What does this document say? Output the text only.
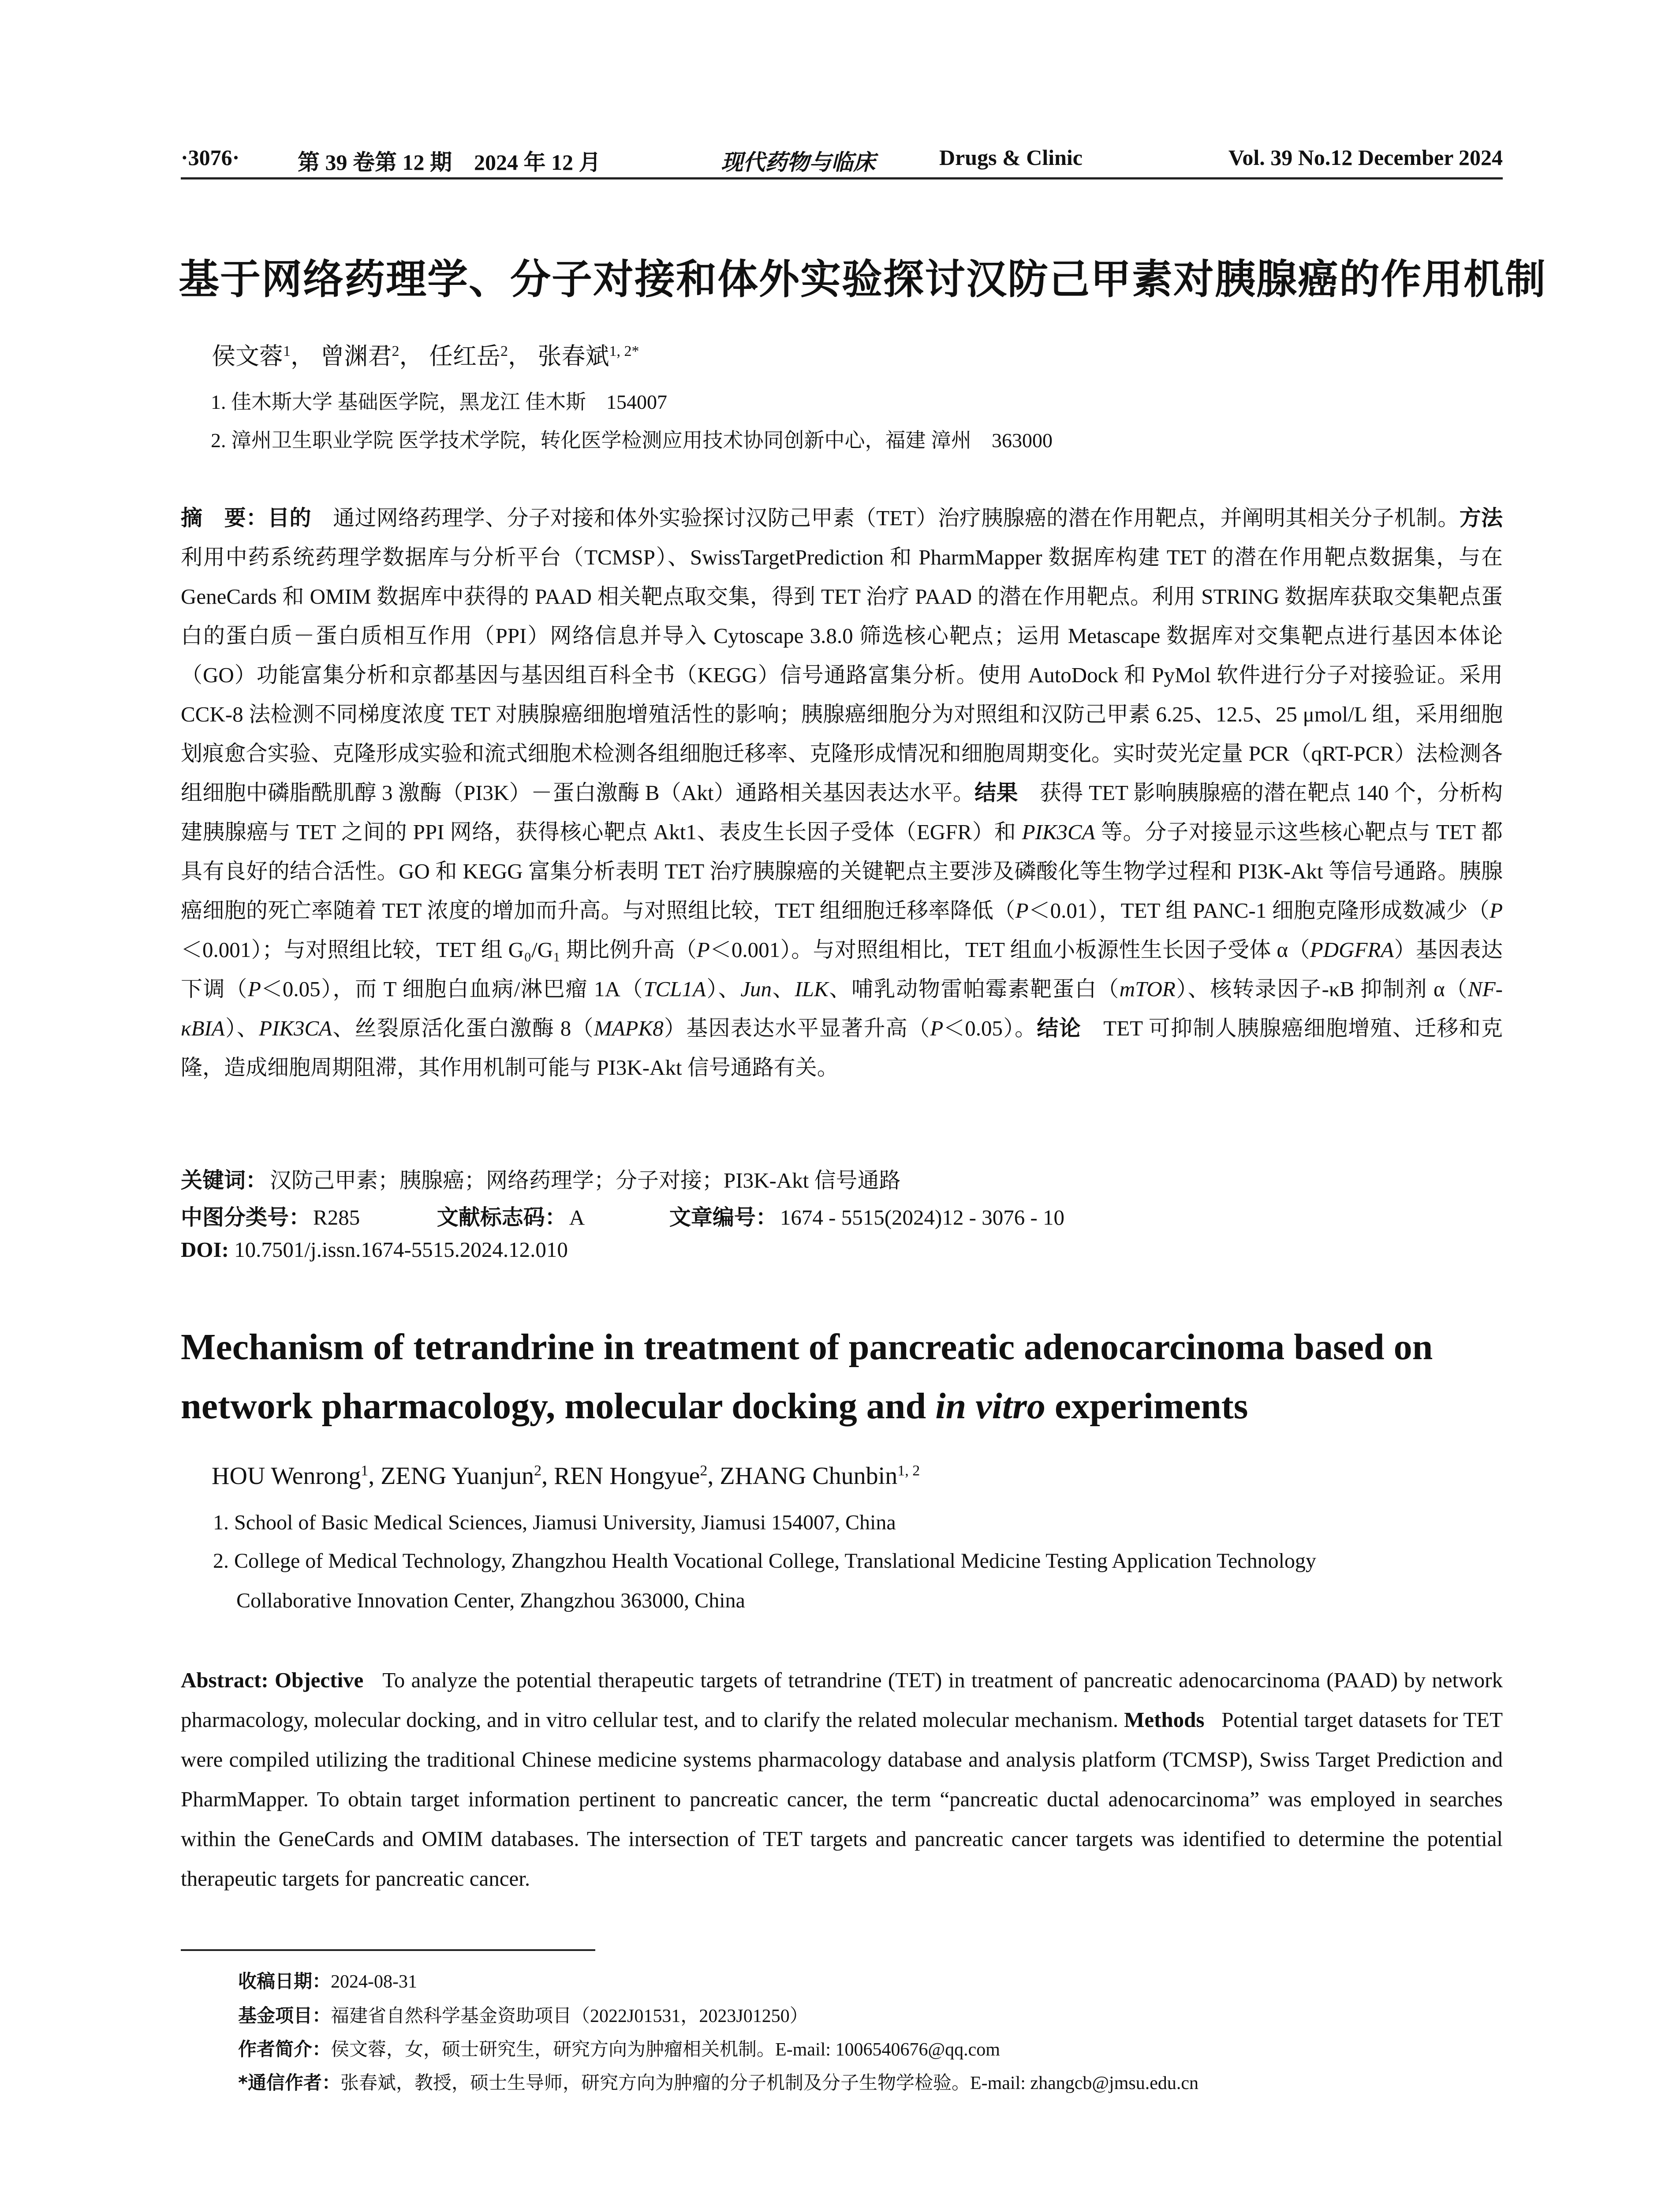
·3076·	第 39 卷第 12 期　2024 年 12 月	现代药物与临床	Drugs & Clinic	Vol. 39 No.12 December 2024
基于网络药理学、分子对接和体外实验探讨汉防己甲素对胰腺癌的作用机制
侯文蓉$^1$， 曾渊君$^2$， 任红岳$^2$， 张春斌$^{1, 2*}$
1. 佳木斯大学 基础医学院，黑龙江 佳木斯　154007
2. 漳州卫生职业学院 医学技术学院，转化医学检测应用技术协同创新中心，福建 漳州　363000
摘　要：目的　 通过网络药理学、分子对接和体外实验探讨汉防己甲素（TET）治疗胰腺癌的潜在作用靶点，并阐明其相关分子机制。方法　利用中药系统药理学数据库与分析平台（TCMSP）、SwissTargetPrediction 和 PharmMapper 数据库构建 TET 的潜在作用靶点数据集，与在 GeneCards 和 OMIM 数据库中获得的 PAAD 相关靶点取交集，得到 TET 治疗 PAAD 的潜在作用靶点。利用 STRING 数据库获取交集靶点蛋白的蛋白质－蛋白质相互作用（PPI）网络信息并导入 Cytoscape 3.8.0 筛选核心靶点；运用 Metascape 数据库对交集靶点进行基因本体论（GO）功能富集分析和京都基因与基因组百科全书（KEGG）信号通路富集分析。使用 AutoDock 和 PyMol 软件进行分子对接验证。采用 CCK-8 法检测不同梯度浓度 TET 对胰腺癌细胞增殖活性的影响；胰腺癌细胞分为对照组和汉防己甲素 6.25、12.5、25 μmol/L 组，采用细胞划痕愈合实验、克隆形成实验和流式细胞术检测各组细胞迁移率、克隆形成情况和细胞周期变化。实时荧光定量 PCR（qRT-PCR）法检测各组细胞中磷脂酰肌醇 3 激酶（PI3K）－蛋白激酶 B（Akt）通路相关基因表达水平。结果　 获得 TET 影响胰腺癌的潜在靶点 140 个，分析构建胰腺癌与 TET 之间的 PPI 网络，获得核心靶点 Akt1、表皮生长因子受体（EGFR）和 PIK3CA 等。分子对接显示这些核心靶点与 TET 都具有良好的结合活性。GO 和 KEGG 富集分析表明 TET 治疗胰腺癌的关键靶点主要涉及磷酸化等生物学过程和 PI3K-Akt 等信号通路。胰腺癌细胞的死亡率随着 TET 浓度的增加而升高。与对照组比较，TET 组细胞迁移率降低（P＜0.01），TET 组 PANC-1 细胞克隆形成数减少（P＜0.001）；与对照组比较，TET 组 G₀/G₁ 期比例升高（P＜0.001）。与对照组相比，TET 组血小板源性生长因子受体 α（PDGFRA）基因表达下调（P＜0.05），而 T 细胞白血病/淋巴瘤 1A（TCL1A）、Jun、ILK、哺乳动物雷帕霉素靶蛋白（mTOR）、核转录因子-κB 抑制剂 α（NF-κBIA）、PIK3CA、丝裂原活化蛋白激酶 8（MAPK8）基因表达水平显著升高（P＜0.05）。结论　 TET 可抑制人胰腺癌细胞增殖、迁移和克隆，造成细胞周期阻滞，其作用机制可能与 PI3K-Akt 信号通路有关。
关键词： 汉防己甲素；胰腺癌；网络药理学；分子对接；PI3K-Akt 信号通路
中图分类号： R285	文献标志码： A	文章编号： 1674 - 5515(2024)12 - 3076 - 10
DOI: 10.7501/j.issn.1674-5515.2024.12.010
Mechanism of tetrandrine in treatment of pancreatic adenocarcinoma based on
network pharmacology, molecular docking and in vitro experiments
HOU Wenrong$^1$, ZENG Yuanjun$^2$, REN Hongyue$^2$, ZHANG Chunbin$^{1, 2}$
1. School of Basic Medical Sciences, Jiamusi University, Jiamusi 154007, China
2. College of Medical Technology, Zhangzhou Health Vocational College, Translational Medicine Testing Application Technology
Collaborative Innovation Center, Zhangzhou 363000, China
Abstract: Objective To analyze the potential therapeutic targets of tetrandrine (TET) in treatment of pancreatic adenocarcinoma (PAAD) by network pharmacology, molecular docking, and in vitro cellular test, and to clarify the related molecular mechanism. Methods Potential target datasets for TET were compiled utilizing the traditional Chinese medicine systems pharmacology database and analysis platform (TCMSP), Swiss Target Prediction and PharmMapper. To obtain target information pertinent to pancreatic cancer, the term “pancreatic ductal adenocarcinoma” was employed in searches within the GeneCards and OMIM databases. The intersection of TET targets and pancreatic cancer targets was identified to determine the potential therapeutic targets for pancreatic cancer.
收稿日期：2024-08-31
基金项目：福建省自然科学基金资助项目（2022J01531，2023J01250）
作者简介：侯文蓉，女，硕士研究生，研究方向为肿瘤相关机制。E-mail: 1006540676@qq.com
*通信作者：张春斌，教授，硕士生导师，研究方向为肿瘤的分子机制及分子生物学检验。E-mail: zhangcb@jmsu.edu.cn
